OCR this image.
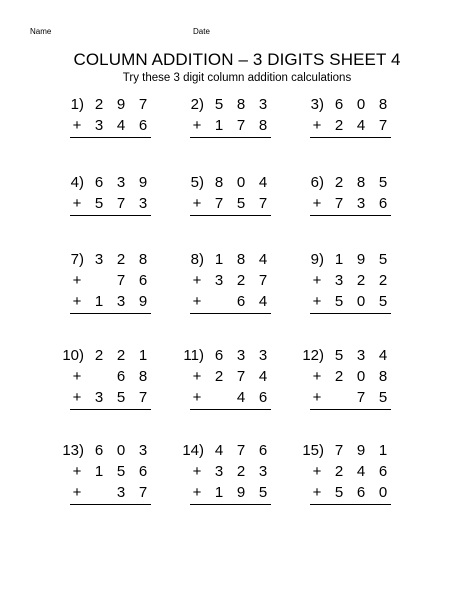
Name	Date
COLUMN ADDITION – 3 DIGITS SHEET 4
Try these 3 digit column addition calculations
1) 2 9 7
+ 3 4 6
2) 5 8 3
+ 1 7 8
3) 6 0 8
+ 2 4 7
4) 6 3 9
+ 5 7 3
5) 8 0 4
+ 7 5 7
6) 2 8 5
+ 7 3 6
7) 3 2 8
+ 7 6
+ 1 3 9
8) 1 8 4
+ 3 2 7
+ 6 4
9) 1 9 5
+ 3 2 2
+ 5 0 5
10) 2 2 1
+ 6 8
+ 3 5 7
11) 6 3 3
+ 2 7 4
+ 4 6
12) 5 3 4
+ 2 0 8
+ 7 5
13) 6 0 3
+ 1 5 6
+ 3 7
14) 4 7 6
+ 3 2 3
+ 1 9 5
15) 7 9 1
+ 2 4 6
+ 5 6 0
